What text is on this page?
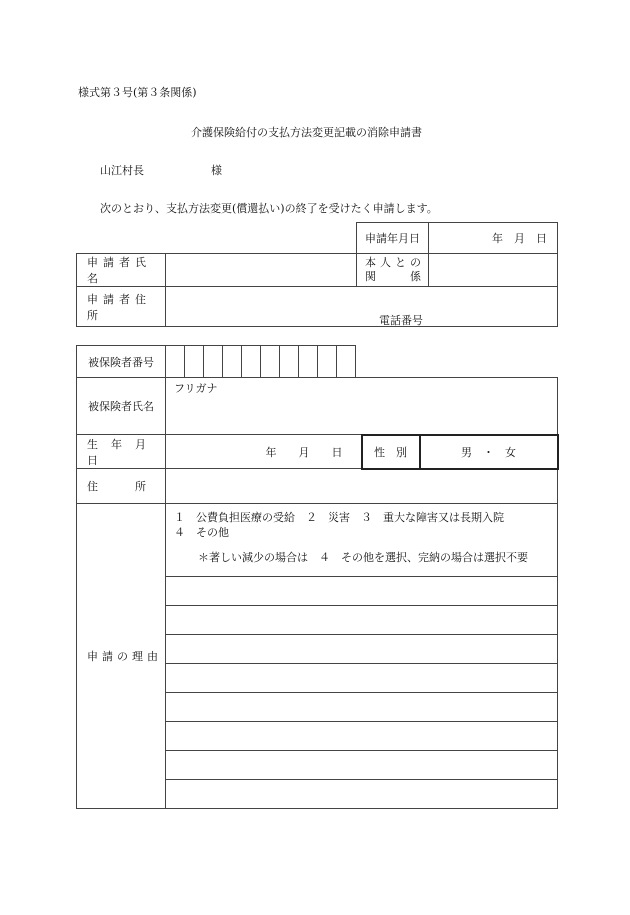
様式第３号(第３条関係)
介護保険給付の支払方法変更記載の消除申請書
山江村長	様
次のとおり、支払方法変更(償還払い)の終了を受けたく申請します。
		申請年月日	年　月　日
申請者氏名		本人との
関　　係	

申請者住所	電話番号		
被保険者番号											
被保険者氏名	フリガナ		
生　年　月　日	年　　月　　日	性　別	男　・　女
住　　　所			
申請の理由	
１　公費負担医療の受給　２　災害　３　重大な障害又は長期入院
４　その他
＊著しい減少の場合は　４　その他を選択、完納の場合は選択不要
